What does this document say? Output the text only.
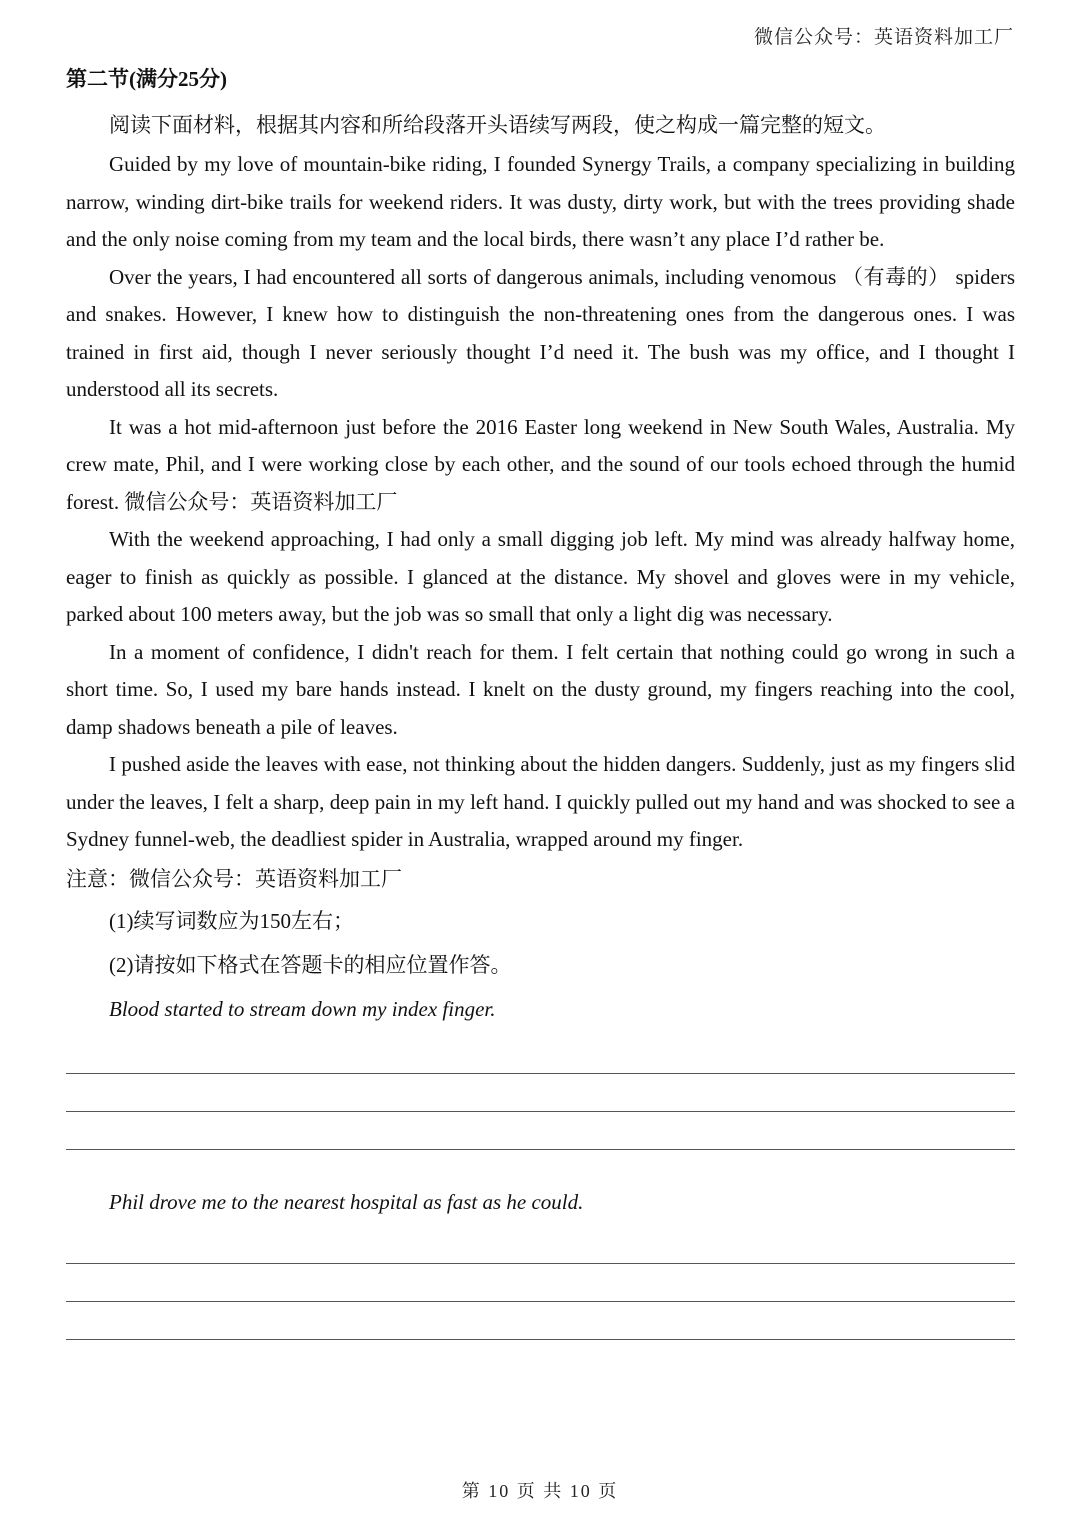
微信公众号：英语资料加工厂
第二节(满分25分)
阅读下面材料，根据其内容和所给段落开头语续写两段，使之构成一篇完整的短文。

Guided by my love of mountain-bike riding, I founded Synergy Trails, a company specializing in building narrow, winding dirt-bike trails for weekend riders. It was dusty, dirty work, but with the trees providing shade and the only noise coming from my team and the local birds, there wasn’t any place I’d rather be.

Over the years, I had encountered all sorts of dangerous animals, including venomous （有毒的） spiders and snakes. However, I knew how to distinguish the non-threatening ones from the dangerous ones. I was trained in first aid, though I never seriously thought I’d need it. The bush was my office, and I thought I understood all its secrets.

It was a hot mid-afternoon just before the 2016 Easter long weekend in New South Wales, Australia. My crew mate, Phil, and I were working close by each other, and the sound of our tools echoed through the humid forest. 微信公众号：英语资料加工厂

With the weekend approaching, I had only a small digging job left. My mind was already halfway home, eager to finish as quickly as possible. I glanced at the distance. My shovel and gloves were in my vehicle, parked about 100 meters away, but the job was so small that only a light dig was necessary.

In a moment of confidence, I didn't reach for them. I felt certain that nothing could go wrong in such a short time. So, I used my bare hands instead. I knelt on the dusty ground, my fingers reaching into the cool, damp shadows beneath a pile of leaves.

I pushed aside the leaves with ease, not thinking about the hidden dangers. Suddenly, just as my fingers slid under the leaves, I felt a sharp, deep pain in my left hand. I quickly pulled out my hand and was shocked to see a Sydney funnel-web, the deadliest spider in Australia, wrapped around my finger.

注意：微信公众号：英语资料加工厂
(1)续写词数应为150左右；
(2)请按如下格式在答题卡的相应位置作答。
Blood started to stream down my index finger.
Phil drove me to the nearest hospital as fast as he could.
第 10 页 共 10 页
